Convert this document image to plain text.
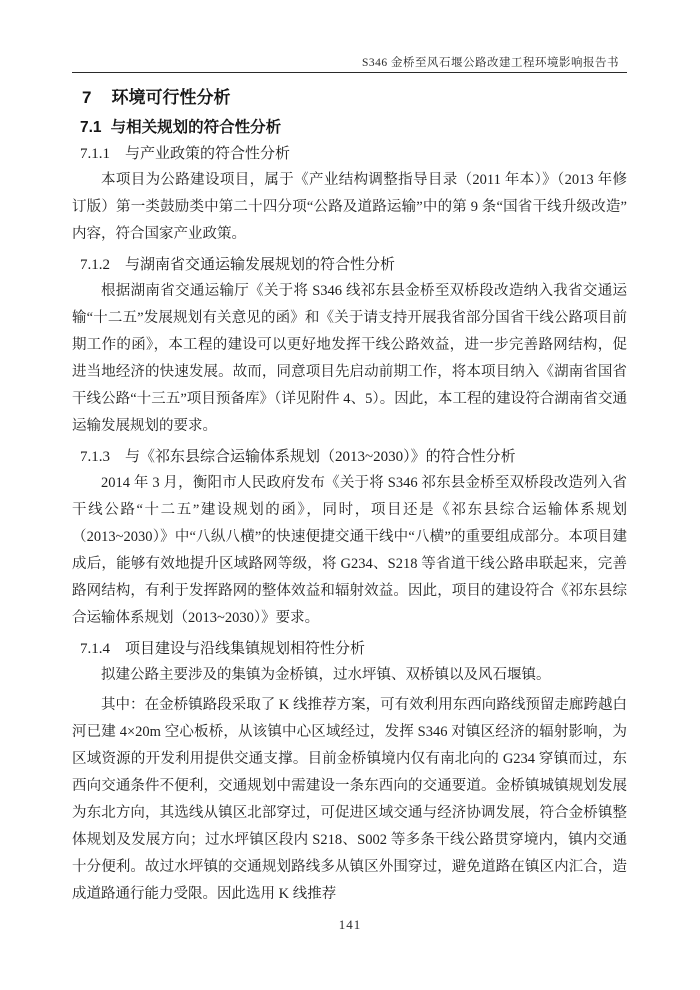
S346 金桥至风石堰公路改建工程环境影响报告书
7 环境可行性分析
7.1 与相关规划的符合性分析
7.1.1 与产业政策的符合性分析

本项目为公路建设项目，属于《产业结构调整指导目录（2011 年本）》（2013 年修订版）第一类鼓励类中第二十四分项“公路及道路运输”中的第 9 条“国省干线升级改造”内容，符合国家产业政策。

7.1.2 与湖南省交通运输发展规划的符合性分析

根据湖南省交通运输厅《关于将 S346 线祁东县金桥至双桥段改造纳入我省交通运输“十二五”发展规划有关意见的函》和《关于请支持开展我省部分国省干线公路项目前期工作的函》，本工程的建设可以更好地发挥干线公路效益，进一步完善路网结构，促进当地经济的快速发展。故而，同意项目先启动前期工作，将本项目纳入《湖南省国省干线公路“十三五”项目预备库》（详见附件 4、5）。因此，本工程的建设符合湖南省交通运输发展规划的要求。

7.1.3 与《祁东县综合运输体系规划（2013~2030）》的符合性分析

2014 年 3 月，衡阳市人民政府发布《关于将 S346 祁东县金桥至双桥段改造列入省干线公路“十二五”建设规划的函》，同时，项目还是《祁东县综合运输体系规划（2013~2030）》中“八纵八横”的快速便捷交通干线中“八横”的重要组成部分。本项目建成后，能够有效地提升区域路网等级，将 G234、S218 等省道干线公路串联起来，完善路网结构，有利于发挥路网的整体效益和辐射效益。因此，项目的建设符合《祁东县综合运输体系规划（2013~2030）》要求。

7.1.4 项目建设与沿线集镇规划相符性分析

拟建公路主要涉及的集镇为金桥镇，过水坪镇、双桥镇以及风石堰镇。

其中：在金桥镇路段采取了 K 线推荐方案，可有效利用东西向路线预留走廊跨越白河已建 4×20m 空心板桥，从该镇中心区域经过，发挥 S346 对镇区经济的辐射影响，为区域资源的开发利用提供交通支撑。目前金桥镇境内仅有南北向的 G234 穿镇而过，东西向交通条件不便利，交通规划中需建设一条东西向的交通要道。金桥镇城镇规划发展为东北方向，其选线从镇区北部穿过，可促进区域交通与经济协调发展，符合金桥镇整体规划及发展方向；过水坪镇区段内 S218、S002 等多条干线公路贯穿境内，镇内交通十分便利。故过水坪镇的交通规划路线多从镇区外围穿过，避免道路在镇区内汇合，造成道路通行能力受限。因此选用 K 线推荐

141
